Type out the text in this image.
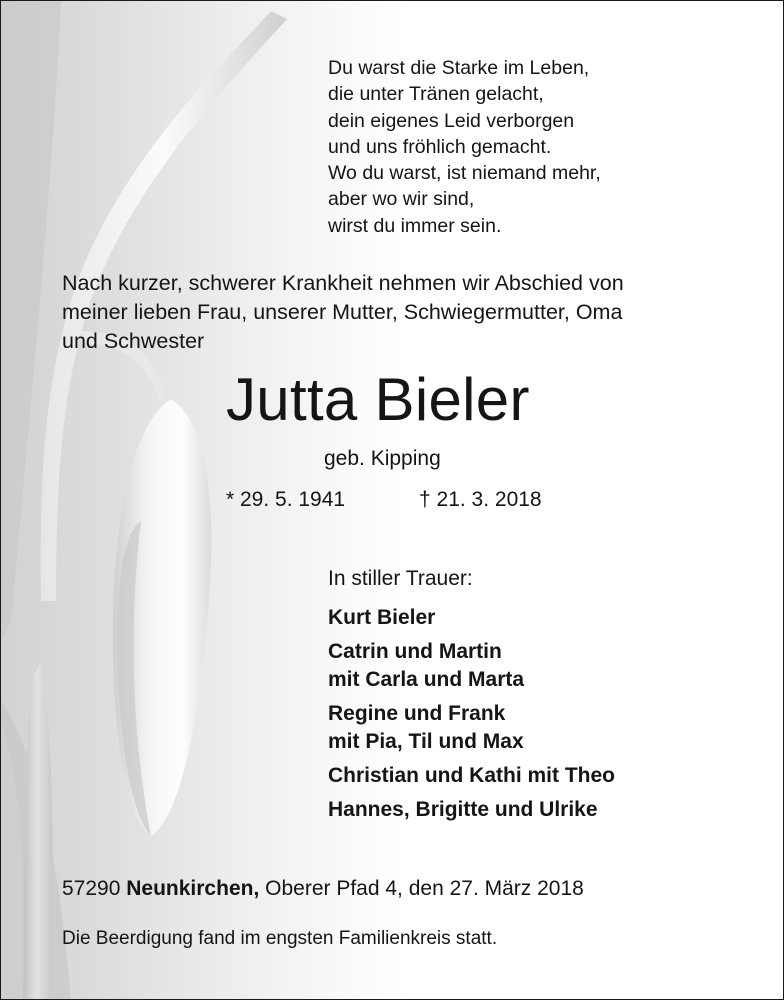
Du warst die Starke im Leben,
die unter Tränen gelacht,
dein eigenes Leid verborgen
und uns fröhlich gemacht.
Wo du warst, ist niemand mehr,
aber wo wir sind,
wirst du immer sein.
Nach kurzer, schwerer Krankheit nehmen wir Abschied von
meiner lieben Frau, unserer Mutter, Schwiegermutter, Oma
und Schwester
Jutta Bieler
geb. Kipping
* 29. 5. 1941	† 21. 3. 2018
In stiller Trauer:
Kurt Bieler
Catrin und Martin
mit Carla und Marta
Regine und Frank
mit Pia, Til und Max
Christian und Kathi mit Theo
Hannes, Brigitte und Ulrike
57290 Neunkirchen, Oberer Pfad 4, den 27. März 2018
Die Beerdigung fand im engsten Familienkreis statt.
